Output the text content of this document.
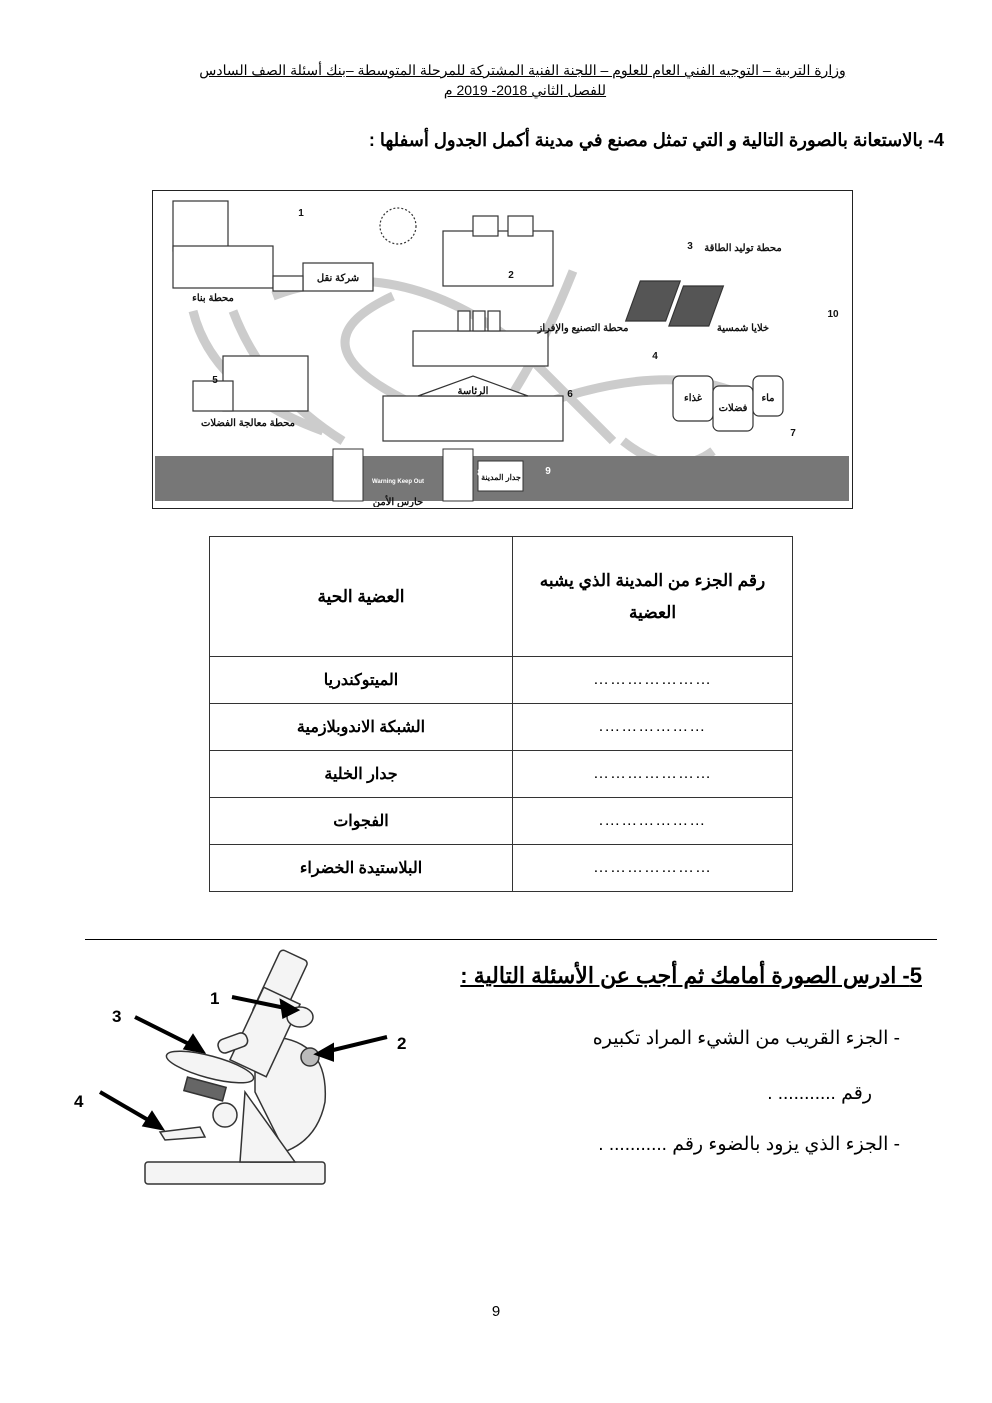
وزارة التربية – التوجيه الفني العام للعلوم – اللجنة الفنية المشتركة للمرحلة المتوسطة –بنك أسئلة الصف السادس
للفصل الثاني 2018- 2019 م
4- بالاستعانة بالصورة التالية و التي تمثل مصنع في مدينة أكمل الجدول أسفلها :
محطة بناء
شركة نقل
محطة توليد الطاقة
محطة التصنيع والإفراز
محطة معالجة الفضلات
الرئاسة
غذاء
فضلات
ماء
خلايا شمسية
حارس الأمن
جدار المدينة
Warning Keep Out
1
2
3
4
5
6
7
8	9
10
رقم الجزء من المدينة الذي يشبه العضية	العضية الحية
…………………	الميتوكندريا
……………….	الشبكة الاندوبلازمية
…………………	جدار الخلية
……………….	الفجوات
…………………	البلاستيدة الخضراء
5- ادرس الصورة أمامك ثم أجب عن الأسئلة التالية :
- الجزء القريب من الشيء المراد تكبيره
رقم ........... .
- الجزء الذي يزود بالضوء رقم ........... .
1
2
3
4
9
